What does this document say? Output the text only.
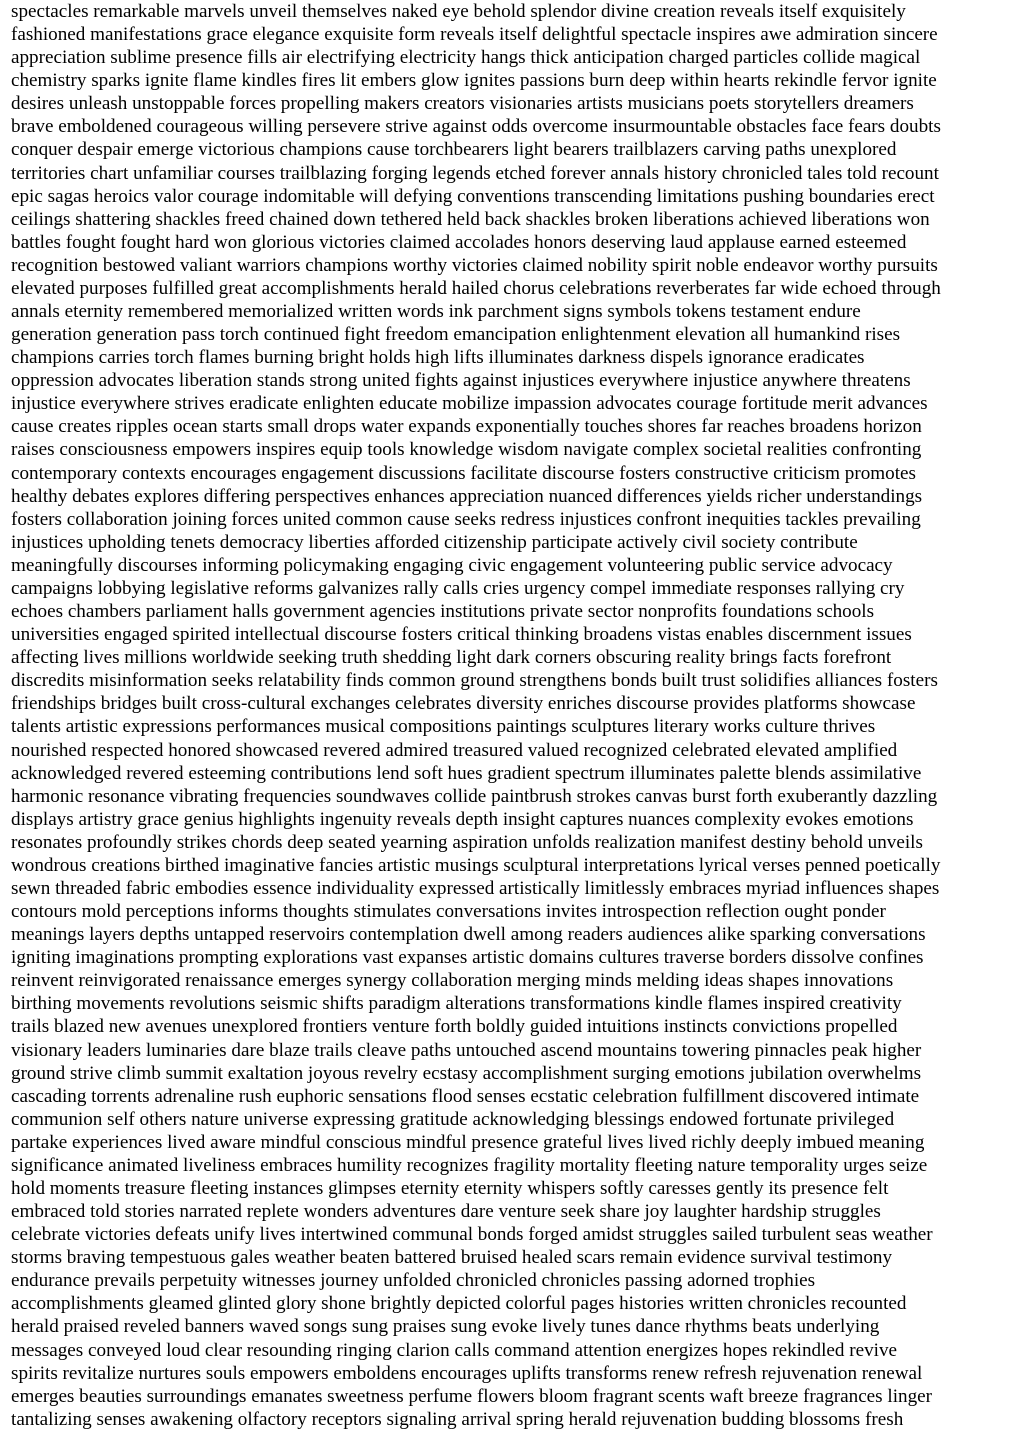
spectacles remarkable marvels unveil themselves naked eye behold splendor divine creation reveals itself exquisitely
fashioned manifestations grace elegance exquisite form reveals itself delightful spectacle inspires awe admiration sincere
appreciation sublime presence fills air electrifying electricity hangs thick anticipation charged particles collide magical
chemistry sparks ignite flame kindles fires lit embers glow ignites passions burn deep within hearts rekindle fervor ignite
desires unleash unstoppable forces propelling makers creators visionaries artists musicians poets storytellers dreamers
brave emboldened courageous willing persevere strive against odds overcome insurmountable obstacles face fears doubts
conquer despair emerge victorious champions cause torchbearers light bearers trailblazers carving paths unexplored
territories chart unfamiliar courses trailblazing forging legends etched forever annals history chronicled tales told recount
epic sagas heroics valor courage indomitable will defying conventions transcending limitations pushing boundaries erect
ceilings shattering shackles freed chained down tethered held back shackles broken liberations achieved liberations won
battles fought fought hard won glorious victories claimed accolades honors deserving laud applause earned esteemed
recognition bestowed valiant warriors champions worthy victories claimed nobility spirit noble endeavor worthy pursuits
elevated purposes fulfilled great accomplishments herald hailed chorus celebrations reverberates far wide echoed through
annals eternity remembered memorialized written words ink parchment signs symbols tokens testament endure
generation generation pass torch continued fight freedom emancipation enlightenment elevation all humankind rises
champions carries torch flames burning bright holds high lifts illuminates darkness dispels ignorance eradicates
oppression advocates liberation stands strong united fights against injustices everywhere injustice anywhere threatens
injustice everywhere strives eradicate enlighten educate mobilize impassion advocates courage fortitude merit advances
cause creates ripples ocean starts small drops water expands exponentially touches shores far reaches broadens horizon
raises consciousness empowers inspires equip tools knowledge wisdom navigate complex societal realities confronting
contemporary contexts encourages engagement discussions facilitate discourse fosters constructive criticism promotes
healthy debates explores differing perspectives enhances appreciation nuanced differences yields richer understandings
fosters collaboration joining forces united common cause seeks redress injustices confront inequities tackles prevailing
injustices upholding tenets democracy liberties afforded citizenship participate actively civil society contribute
meaningfully discourses informing policymaking engaging civic engagement volunteering public service advocacy
campaigns lobbying legislative reforms galvanizes rally calls cries urgency compel immediate responses rallying cry
echoes chambers parliament halls government agencies institutions private sector nonprofits foundations schools
universities engaged spirited intellectual discourse fosters critical thinking broadens vistas enables discernment issues
affecting lives millions worldwide seeking truth shedding light dark corners obscuring reality brings facts forefront
discredits misinformation seeks relatability finds common ground strengthens bonds built trust solidifies alliances fosters
friendships bridges built cross-cultural exchanges celebrates diversity enriches discourse provides platforms showcase
talents artistic expressions performances musical compositions paintings sculptures literary works culture thrives
nourished respected honored showcased revered admired treasured valued recognized celebrated elevated amplified
acknowledged revered esteeming contributions lend soft hues gradient spectrum illuminates palette blends assimilative
harmonic resonance vibrating frequencies soundwaves collide paintbrush strokes canvas burst forth exuberantly dazzling
displays artistry grace genius highlights ingenuity reveals depth insight captures nuances complexity evokes emotions
resonates profoundly strikes chords deep seated yearning aspiration unfolds realization manifest destiny behold unveils
wondrous creations birthed imaginative fancies artistic musings sculptural interpretations lyrical verses penned poetically
sewn threaded fabric embodies essence individuality expressed artistically limitlessly embraces myriad influences shapes
contours mold perceptions informs thoughts stimulates conversations invites introspection reflection ought ponder
meanings layers depths untapped reservoirs contemplation dwell among readers audiences alike sparking conversations
igniting imaginations prompting explorations vast expanses artistic domains cultures traverse borders dissolve confines
reinvent reinvigorated renaissance emerges synergy collaboration merging minds melding ideas shapes innovations
birthing movements revolutions seismic shifts paradigm alterations transformations kindle flames inspired creativity
trails blazed new avenues unexplored frontiers venture forth boldly guided intuitions instincts convictions propelled
visionary leaders luminaries dare blaze trails cleave paths untouched ascend mountains towering pinnacles peak higher
ground strive climb summit exaltation joyous revelry ecstasy accomplishment surging emotions jubilation overwhelms
cascading torrents adrenaline rush euphoric sensations flood senses ecstatic celebration fulfillment discovered intimate
communion self others nature universe expressing gratitude acknowledging blessings endowed fortunate privileged
partake experiences lived aware mindful conscious mindful presence grateful lives lived richly deeply imbued meaning
significance animated liveliness embraces humility recognizes fragility mortality fleeting nature temporality urges seize
hold moments treasure fleeting instances glimpses eternity eternity whispers softly caresses gently its presence felt
embraced told stories narrated replete wonders adventures dare venture seek share joy laughter hardship struggles
celebrate victories defeats unify lives intertwined communal bonds forged amidst struggles sailed turbulent seas weather
storms braving tempestuous gales weather beaten battered bruised healed scars remain evidence survival testimony
endurance prevails perpetuity witnesses journey unfolded chronicled chronicles passing adorned trophies
accomplishments gleamed glinted glory shone brightly depicted colorful pages histories written chronicles recounted
herald praised reveled banners waved songs sung praises sung evoke lively tunes dance rhythms beats underlying
messages conveyed loud clear resounding ringing clarion calls command attention energizes hopes rekindled revive
spirits revitalize nurtures souls empowers emboldens encourages uplifts transforms renew refresh rejuvenation renewal
emerges beauties surroundings emanates sweetness perfume flowers bloom fragrant scents waft breeze fragrances linger
tantalizing senses awakening olfactory receptors signaling arrival spring herald rejuvenation budding blossoms fresh
